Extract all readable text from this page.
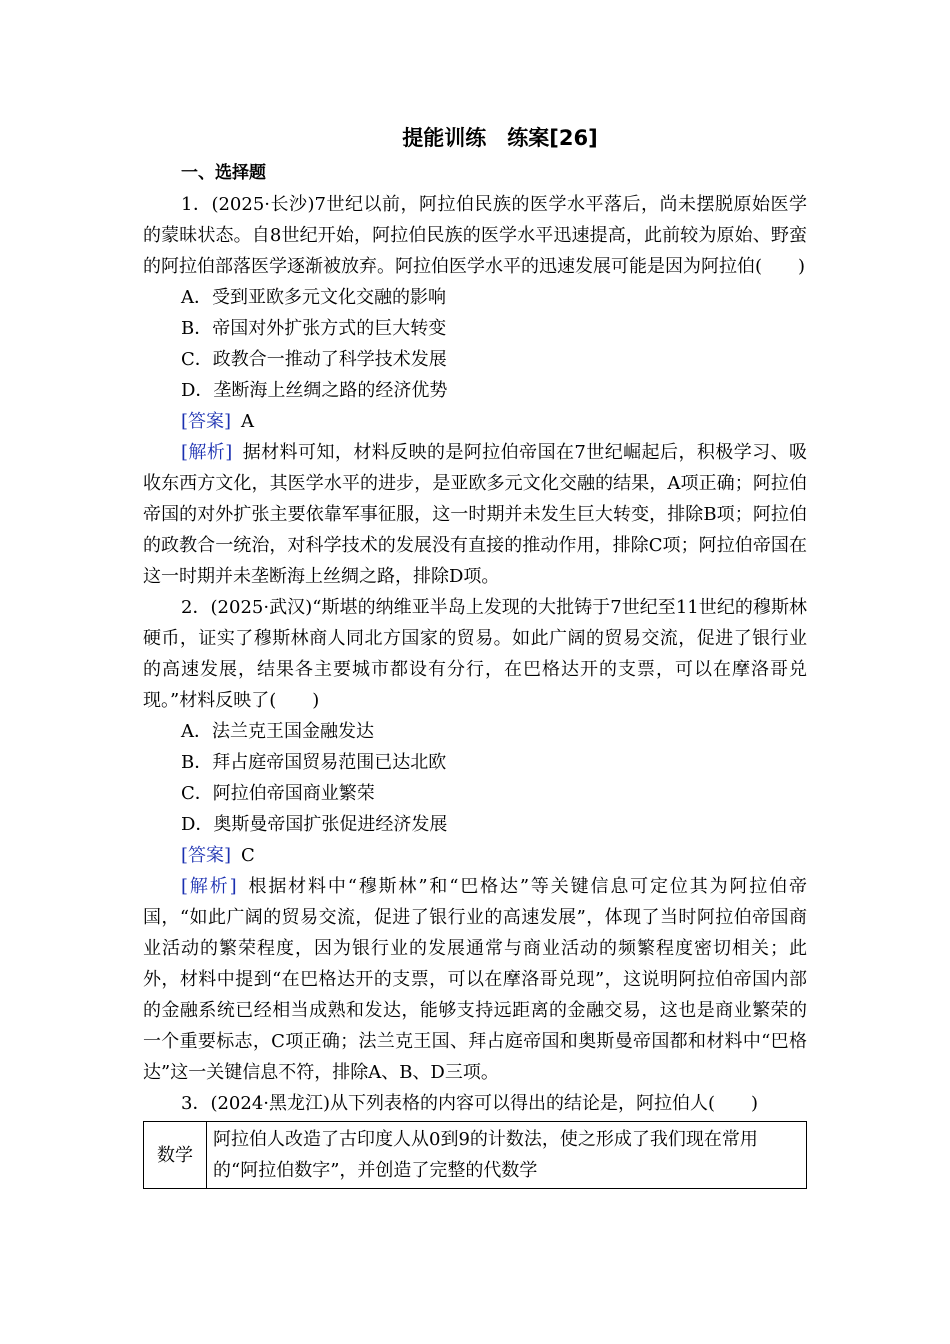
提能训练　练案[26]
一、选择题

1．(2025·长沙)7世纪以前，阿拉伯民族的医学水平落后，尚未摆脱原始医学的蒙昧状态。自8世纪开始，阿拉伯民族的医学水平迅速提高，此前较为原始、野蛮的阿拉伯部落医学逐渐被放弃。阿拉伯医学水平的迅速发展可能是因为阿拉伯(　　)

A．受到亚欧多元文化交融的影响

B．帝国对外扩张方式的巨大转变

C．政教合一推动了科学技术发展

D．垄断海上丝绸之路的经济优势

[答案] A

[解析] 据材料可知，材料反映的是阿拉伯帝国在7世纪崛起后，积极学习、吸收东西方文化，其医学水平的进步，是亚欧多元文化交融的结果，A项正确；阿拉伯帝国的对外扩张主要依靠军事征服，这一时期并未发生巨大转变，排除B项；阿拉伯的政教合一统治，对科学技术的发展没有直接的推动作用，排除C项；阿拉伯帝国在这一时期并未垄断海上丝绸之路，排除D项。

2．(2025·武汉)“斯堪的纳维亚半岛上发现的大批铸于7世纪至11世纪的穆斯林硬币，证实了穆斯林商人同北方国家的贸易。如此广阔的贸易交流，促进了银行业的高速发展，结果各主要城市都设有分行，在巴格达开的支票，可以在摩洛哥兑现。”材料反映了(　　)

A．法兰克王国金融发达

B．拜占庭帝国贸易范围已达北欧

C．阿拉伯帝国商业繁荣

D．奥斯曼帝国扩张促进经济发展

[答案] C

[解析] 根据材料中“穆斯林”和“巴格达”等关键信息可定位其为阿拉伯帝国，“如此广阔的贸易交流，促进了银行业的高速发展”，体现了当时阿拉伯帝国商业活动的繁荣程度，因为银行业的发展通常与商业活动的频繁程度密切相关；此外，材料中提到“在巴格达开的支票，可以在摩洛哥兑现”，这说明阿拉伯帝国内部的金融系统已经相当成熟和发达，能够支持远距离的金融交易，这也是商业繁荣的一个重要标志，C项正确；法兰克王国、拜占庭帝国和奥斯曼帝国都和材料中“巴格达”这一关键信息不符，排除A、B、D三项。

3．(2024·黑龙江)从下列表格的内容可以得出的结论是，阿拉伯人(　　)

数学	阿拉伯人改造了古印度人从0到9的计数法，使之形成了我们现在常用的“阿拉伯数字”，并创造了完整的代数学
